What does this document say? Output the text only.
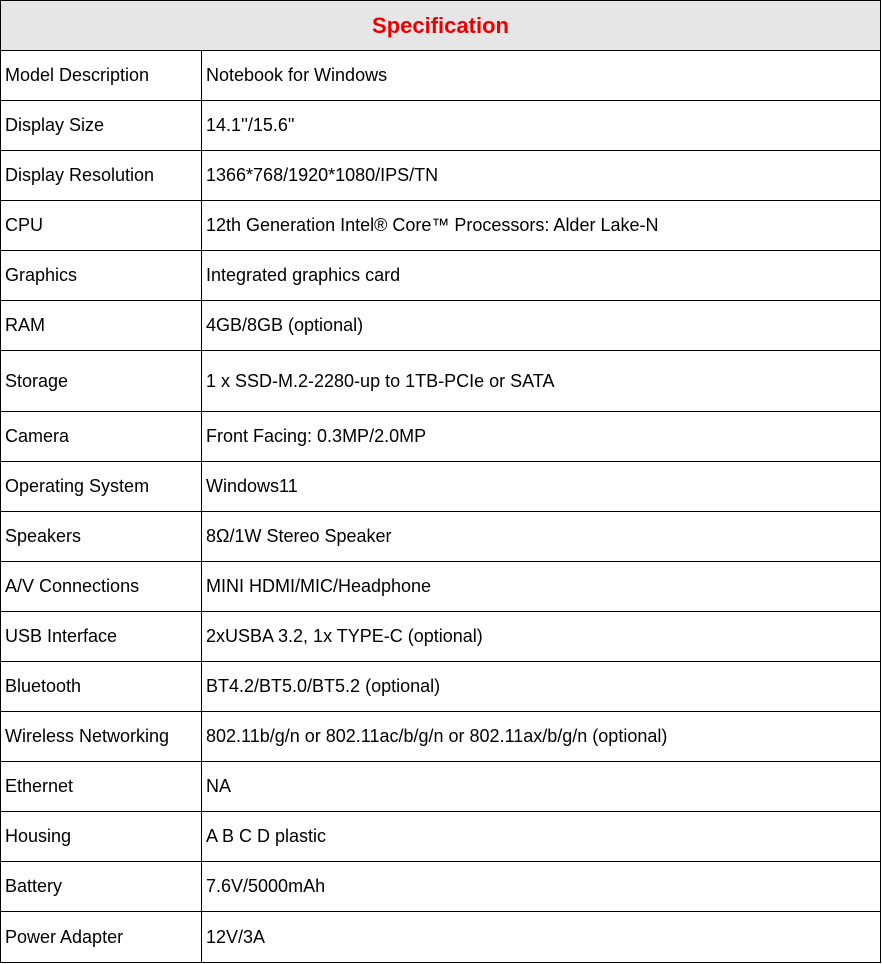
Specification	
Model Description	Notebook for Windows
Display Size	14.1''/15.6"
Display Resolution	1366*768/1920*1080/IPS/TN
CPU	12th Generation Intel® Core™ Processors: Alder Lake-N
Graphics	Integrated graphics card
RAM	4GB/8GB (optional)
Storage	1 x SSD-M.2-2280-up to 1TB-PCIe or SATA
Camera	Front Facing: 0.3MP/2.0MP
Operating System	Windows11
Speakers	8Ω/1W Stereo Speaker
A/V Connections	MINI HDMI/MIC/Headphone
USB Interface	2xUSBA 3.2, 1x TYPE-C (optional)
Bluetooth	BT4.2/BT5.0/BT5.2 (optional)
Wireless Networking	802.11b/g/n or 802.11ac/b/g/n or 802.11ax/b/g/n (optional)
Ethernet	NA
Housing	A B C D plastic
Battery	7.6V/5000mAh
Power Adapter	12V/3A
